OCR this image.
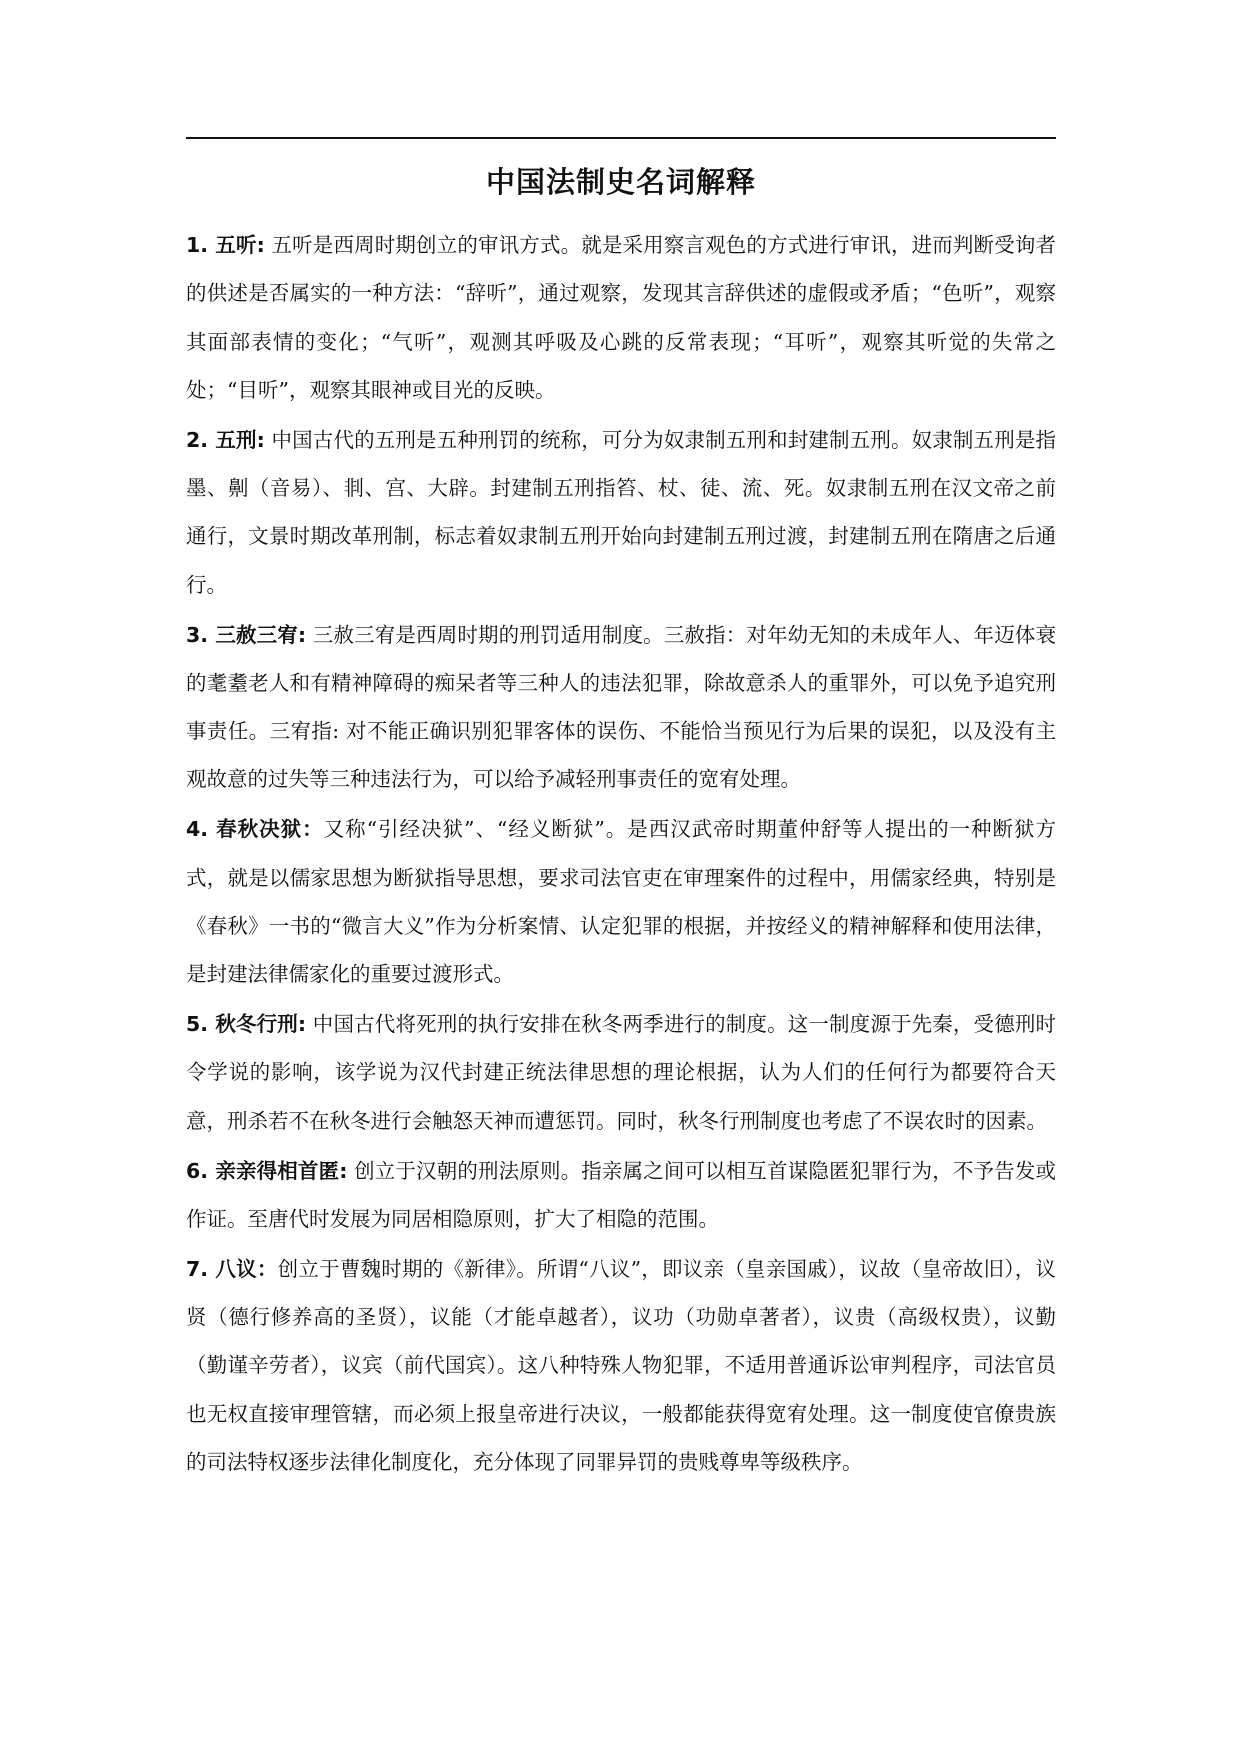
中国法制史名词解释

1. 五听: 五听是西周时期创立的审讯方式。就是采用察言观色的方式进行审讯，进而判断受询者的供述是否属实的一种方法：“辞听”，通过观察，发现其言辞供述的虚假或矛盾；“色听”，观察其面部表情的变化；“气听”，观测其呼吸及心跳的反常表现；“耳听”，观察其听觉的失常之处；“目听”，观察其眼神或目光的反映。

2. 五刑: 中国古代的五刑是五种刑罚的统称，可分为奴隶制五刑和封建制五刑。奴隶制五刑是指墨、劓（音易）、剕、宫、大辟。封建制五刑指笞、杖、徒、流、死。奴隶制五刑在汉文帝之前通行，文景时期改革刑制，标志着奴隶制五刑开始向封建制五刑过渡，封建制五刑在隋唐之后通行。

3. 三赦三宥: 三赦三宥是西周时期的刑罚适用制度。三赦指：对年幼无知的未成年人、年迈体衰的耄耋老人和有精神障碍的痴呆者等三种人的违法犯罪，除故意杀人的重罪外，可以免予追究刑事责任。三宥指: 对不能正确识别犯罪客体的误伤、不能恰当预见行为后果的误犯，以及没有主观故意的过失等三种违法行为，可以给予减轻刑事责任的宽宥处理。

4. 春秋决狱：又称“引经决狱”、“经义断狱”。是西汉武帝时期董仲舒等人提出的一种断狱方式，就是以儒家思想为断狱指导思想，要求司法官吏在审理案件的过程中，用儒家经典，特别是《春秋》一书的“微言大义”作为分析案情、认定犯罪的根据，并按经义的精神解释和使用法律，是封建法律儒家化的重要过渡形式。

5. 秋冬行刑: 中国古代将死刑的执行安排在秋冬两季进行的制度。这一制度源于先秦，受德刑时令学说的影响，该学说为汉代封建正统法律思想的理论根据，认为人们的任何行为都要符合天意，刑杀若不在秋冬进行会触怒天神而遭惩罚。同时，秋冬行刑制度也考虑了不误农时的因素。

6. 亲亲得相首匿: 创立于汉朝的刑法原则。指亲属之间可以相互首谋隐匿犯罪行为，不予告发或作证。至唐代时发展为同居相隐原则，扩大了相隐的范围。

7. 八议：创立于曹魏时期的《新律》。所谓“八议”，即议亲（皇亲国戚），议故（皇帝故旧），议贤（德行修养高的圣贤），议能（才能卓越者），议功（功勋卓著者），议贵（高级权贵），议勤（勤谨辛劳者），议宾（前代国宾）。这八种特殊人物犯罪，不适用普通诉讼审判程序，司法官员也无权直接审理管辖，而必须上报皇帝进行决议，一般都能获得宽宥处理。这一制度使官僚贵族的司法特权逐步法律化制度化，充分体现了同罪异罚的贵贱尊卑等级秩序。
